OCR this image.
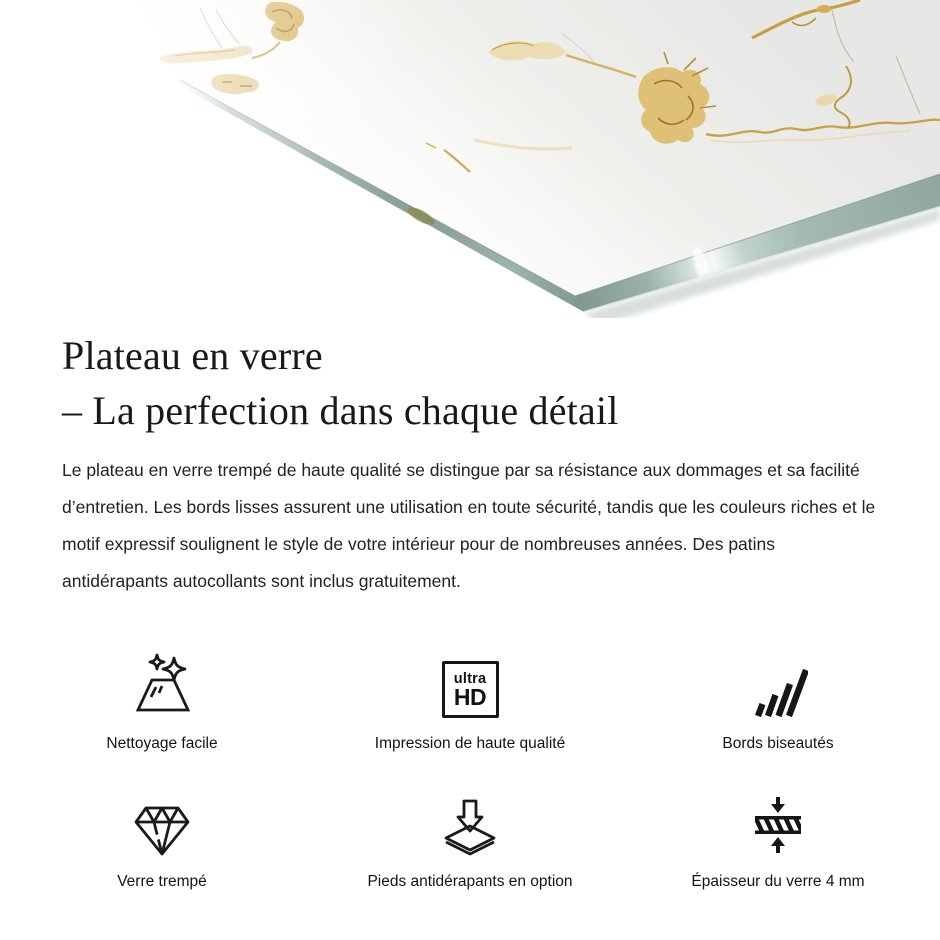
Plateau en verre
– La perfection dans chaque détail

Le plateau en verre trempé de haute qualité se distingue par sa résistance aux dommages et sa facilité d’entretien. Les bords lisses assurent une utilisation en toute sécurité, tandis que les couleurs riches et le motif expressif soulignent le style de votre intérieur pour de nombreuses années. Des patins antidérapants autocollants sont inclus gratuitement.

Nettoyage facile
ultra
HD
Impression de haute qualité	Bords biseautés
Verre trempé	Pieds antidérapants en option	Épaisseur du verre 4 mm
